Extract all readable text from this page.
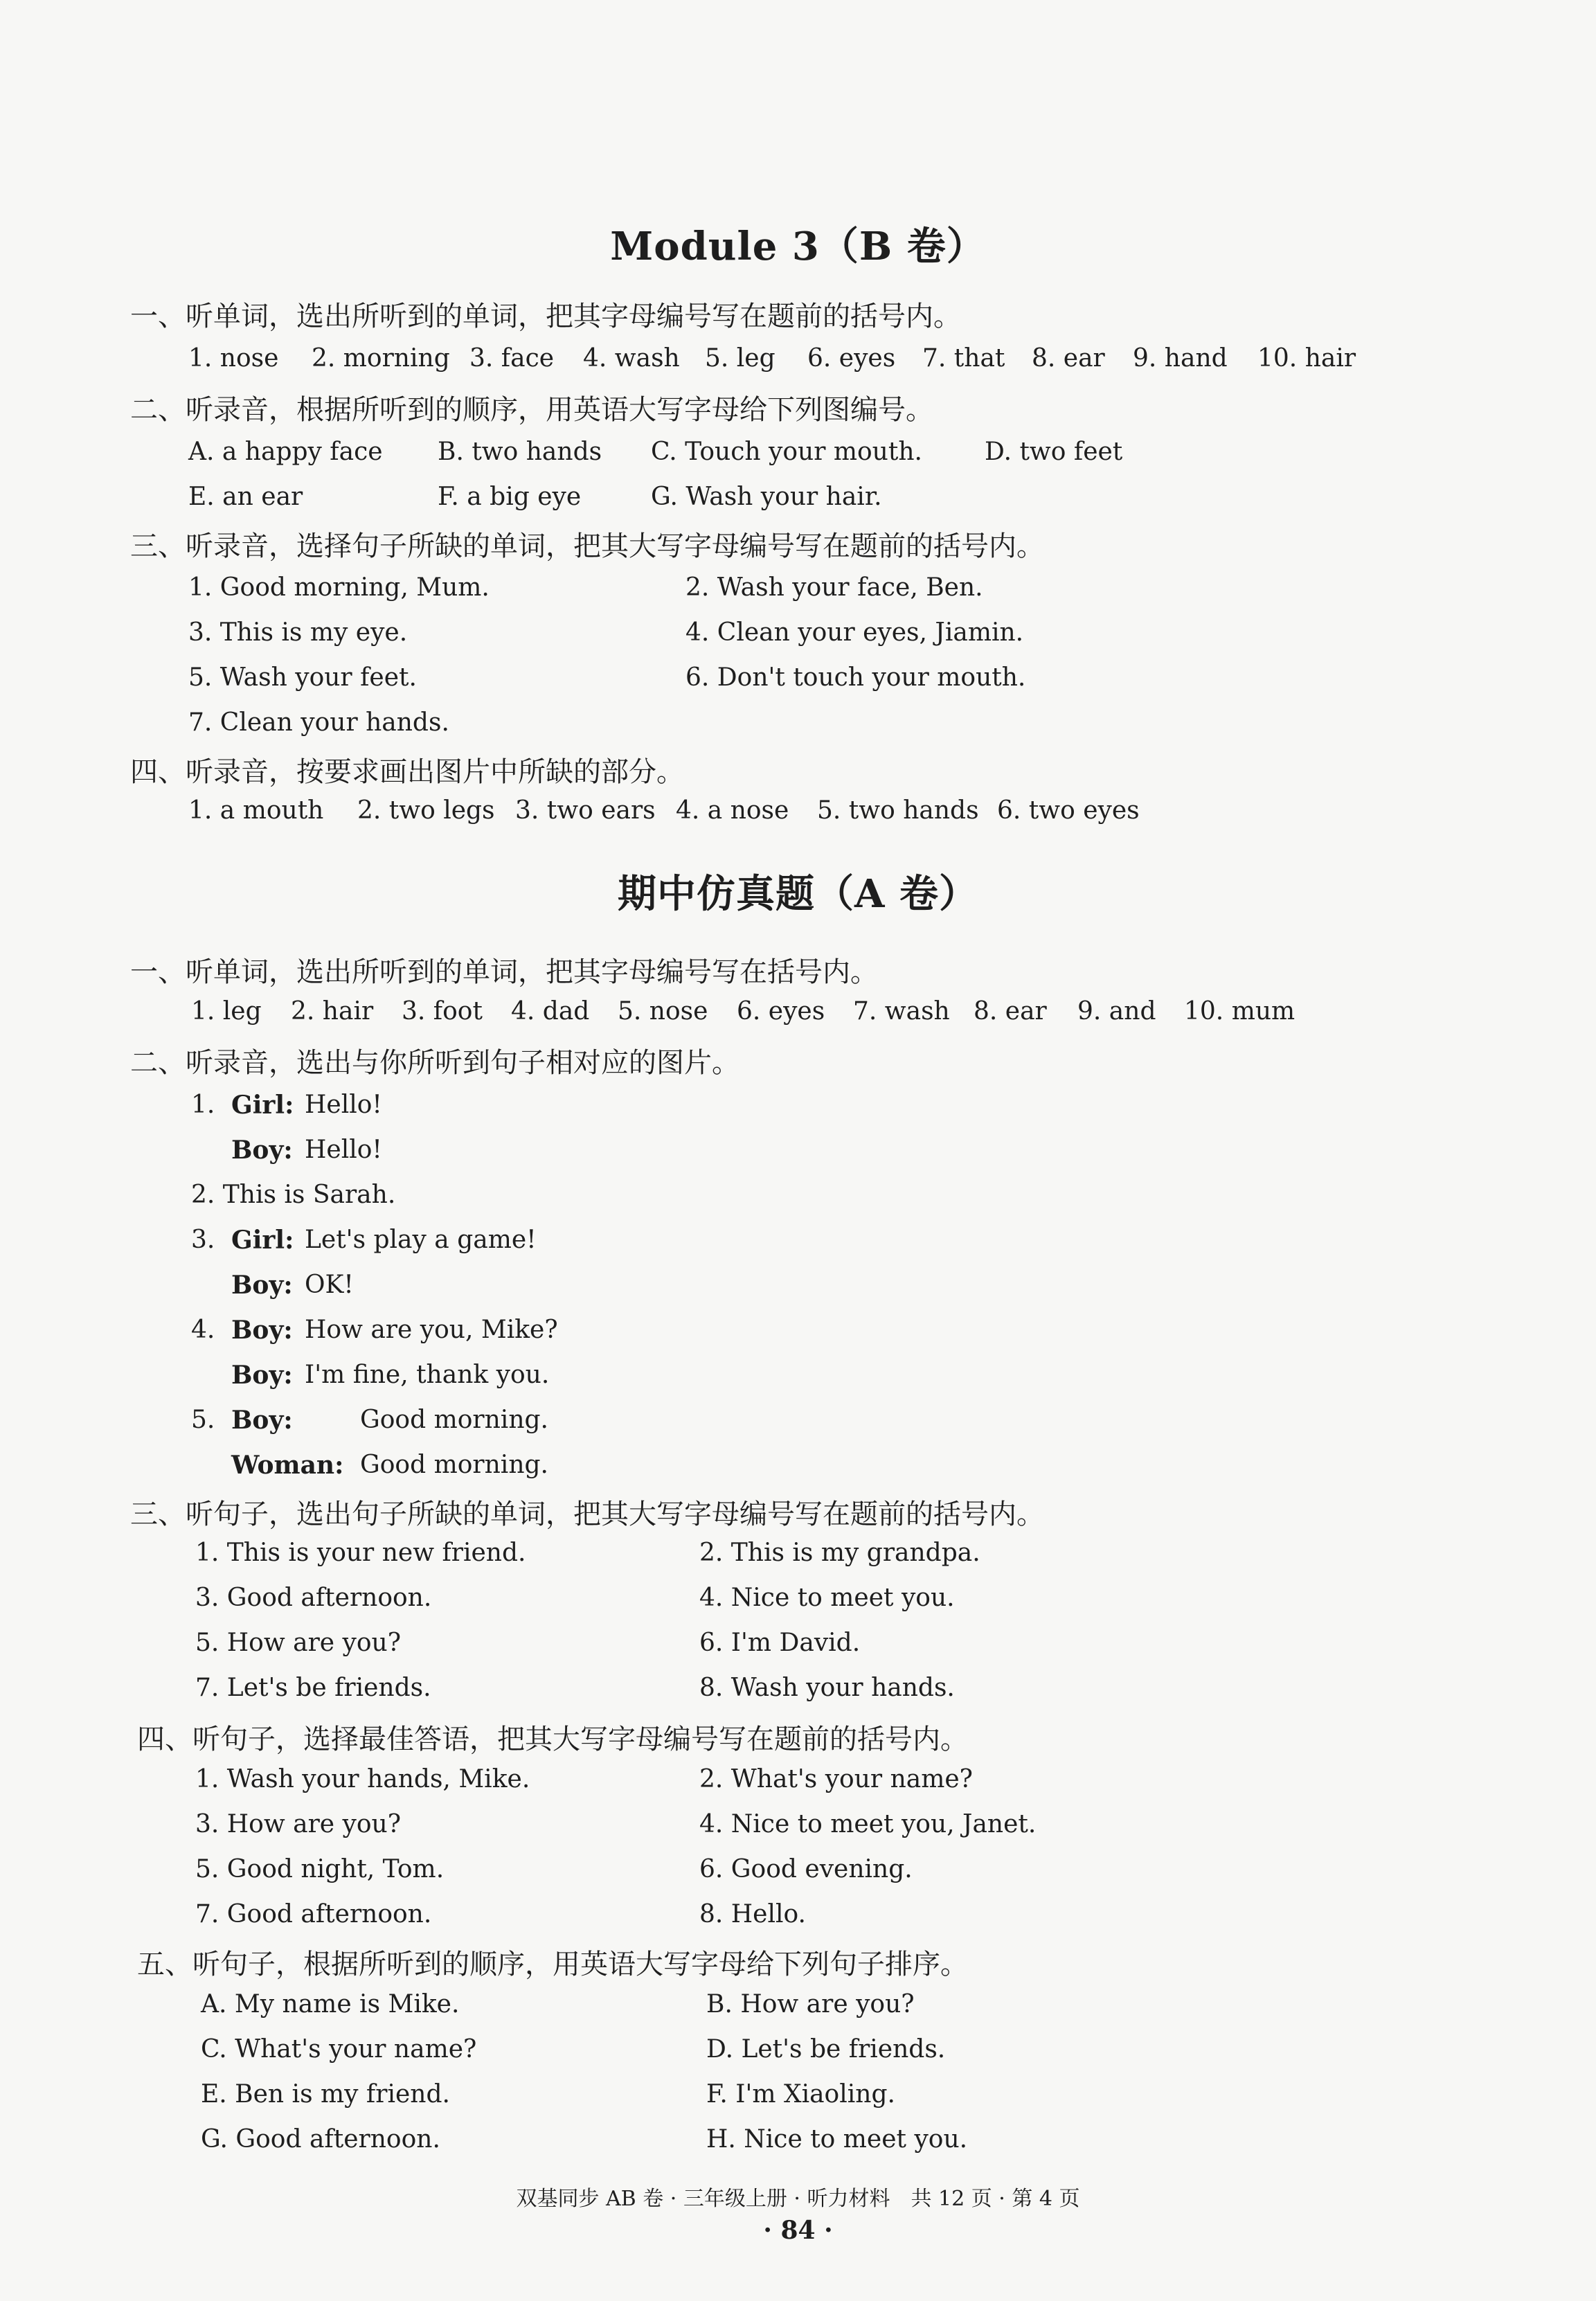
Module 3（B 卷）
一、听单词，选出所听到的单词，把其字母编号写在题前的括号内。
1. nose 2. morning 3. face 4. wash 5. leg 6. eyes 7. that 8. ear 9. hand 10. hair
二、听录音，根据所听到的顺序，用英语大写字母给下列图编号。
A. a happy face B. two hands C. Touch your mouth.	D. two feet
E. an ear	F. a big eye	G. Wash your hair.
三、听录音，选择句子所缺的单词，把其大写字母编号写在题前的括号内。
1. Good morning, Mum.	2. Wash your face, Ben.
3. This is my eye.	4. Clean your eyes, Jiamin.
5. Wash your feet.	6. Don't touch your mouth.
7. Clean your hands.
四、听录音，按要求画出图片中所缺的部分。
1. a mouth 2. two legs 3. two ears 4. a nose 5. two hands 6. two eyes
期中仿真题（A 卷）
一、听单词，选出所听到的单词，把其字母编号写在括号内。
1. leg 2. hair 3. foot 4. dad 5. nose 6. eyes 7. wash 8. ear 9. and 10. mum
二、听录音，选出与你所听到句子相对应的图片。
1. Girl: Hello!
Boy: Hello!
2. This is Sarah.
3. Girl: Let's play a game!
Boy: OK!
4. Boy: How are you, Mike?
Boy: I'm fine, thank you.
5. Boy:	Good morning.
Woman: Good morning.
三、听句子，选出句子所缺的单词，把其大写字母编号写在题前的括号内。
1. This is your new friend.	2. This is my grandpa.
3. Good afternoon.	4. Nice to meet you.
5. How are you?	6. I'm David.
7. Let's be friends.	8. Wash your hands.
四、听句子，选择最佳答语，把其大写字母编号写在题前的括号内。
1. Wash your hands, Mike.	2. What's your name?
3. How are you?	4. Nice to meet you, Janet.
5. Good night, Tom.	6. Good evening.
7. Good afternoon.	8. Hello.
五、听句子，根据所听到的顺序，用英语大写字母给下列句子排序。
A. My name is Mike.	B. How are you?
C. What's your name?	D. Let's be friends.
E. Ben is my friend.	F. I'm Xiaoling.
G. Good afternoon.	H. Nice to meet you.
双基同步 AB 卷 · 三年级上册 · 听力材料　共 12 页 · 第 4 页
· 84 ·
